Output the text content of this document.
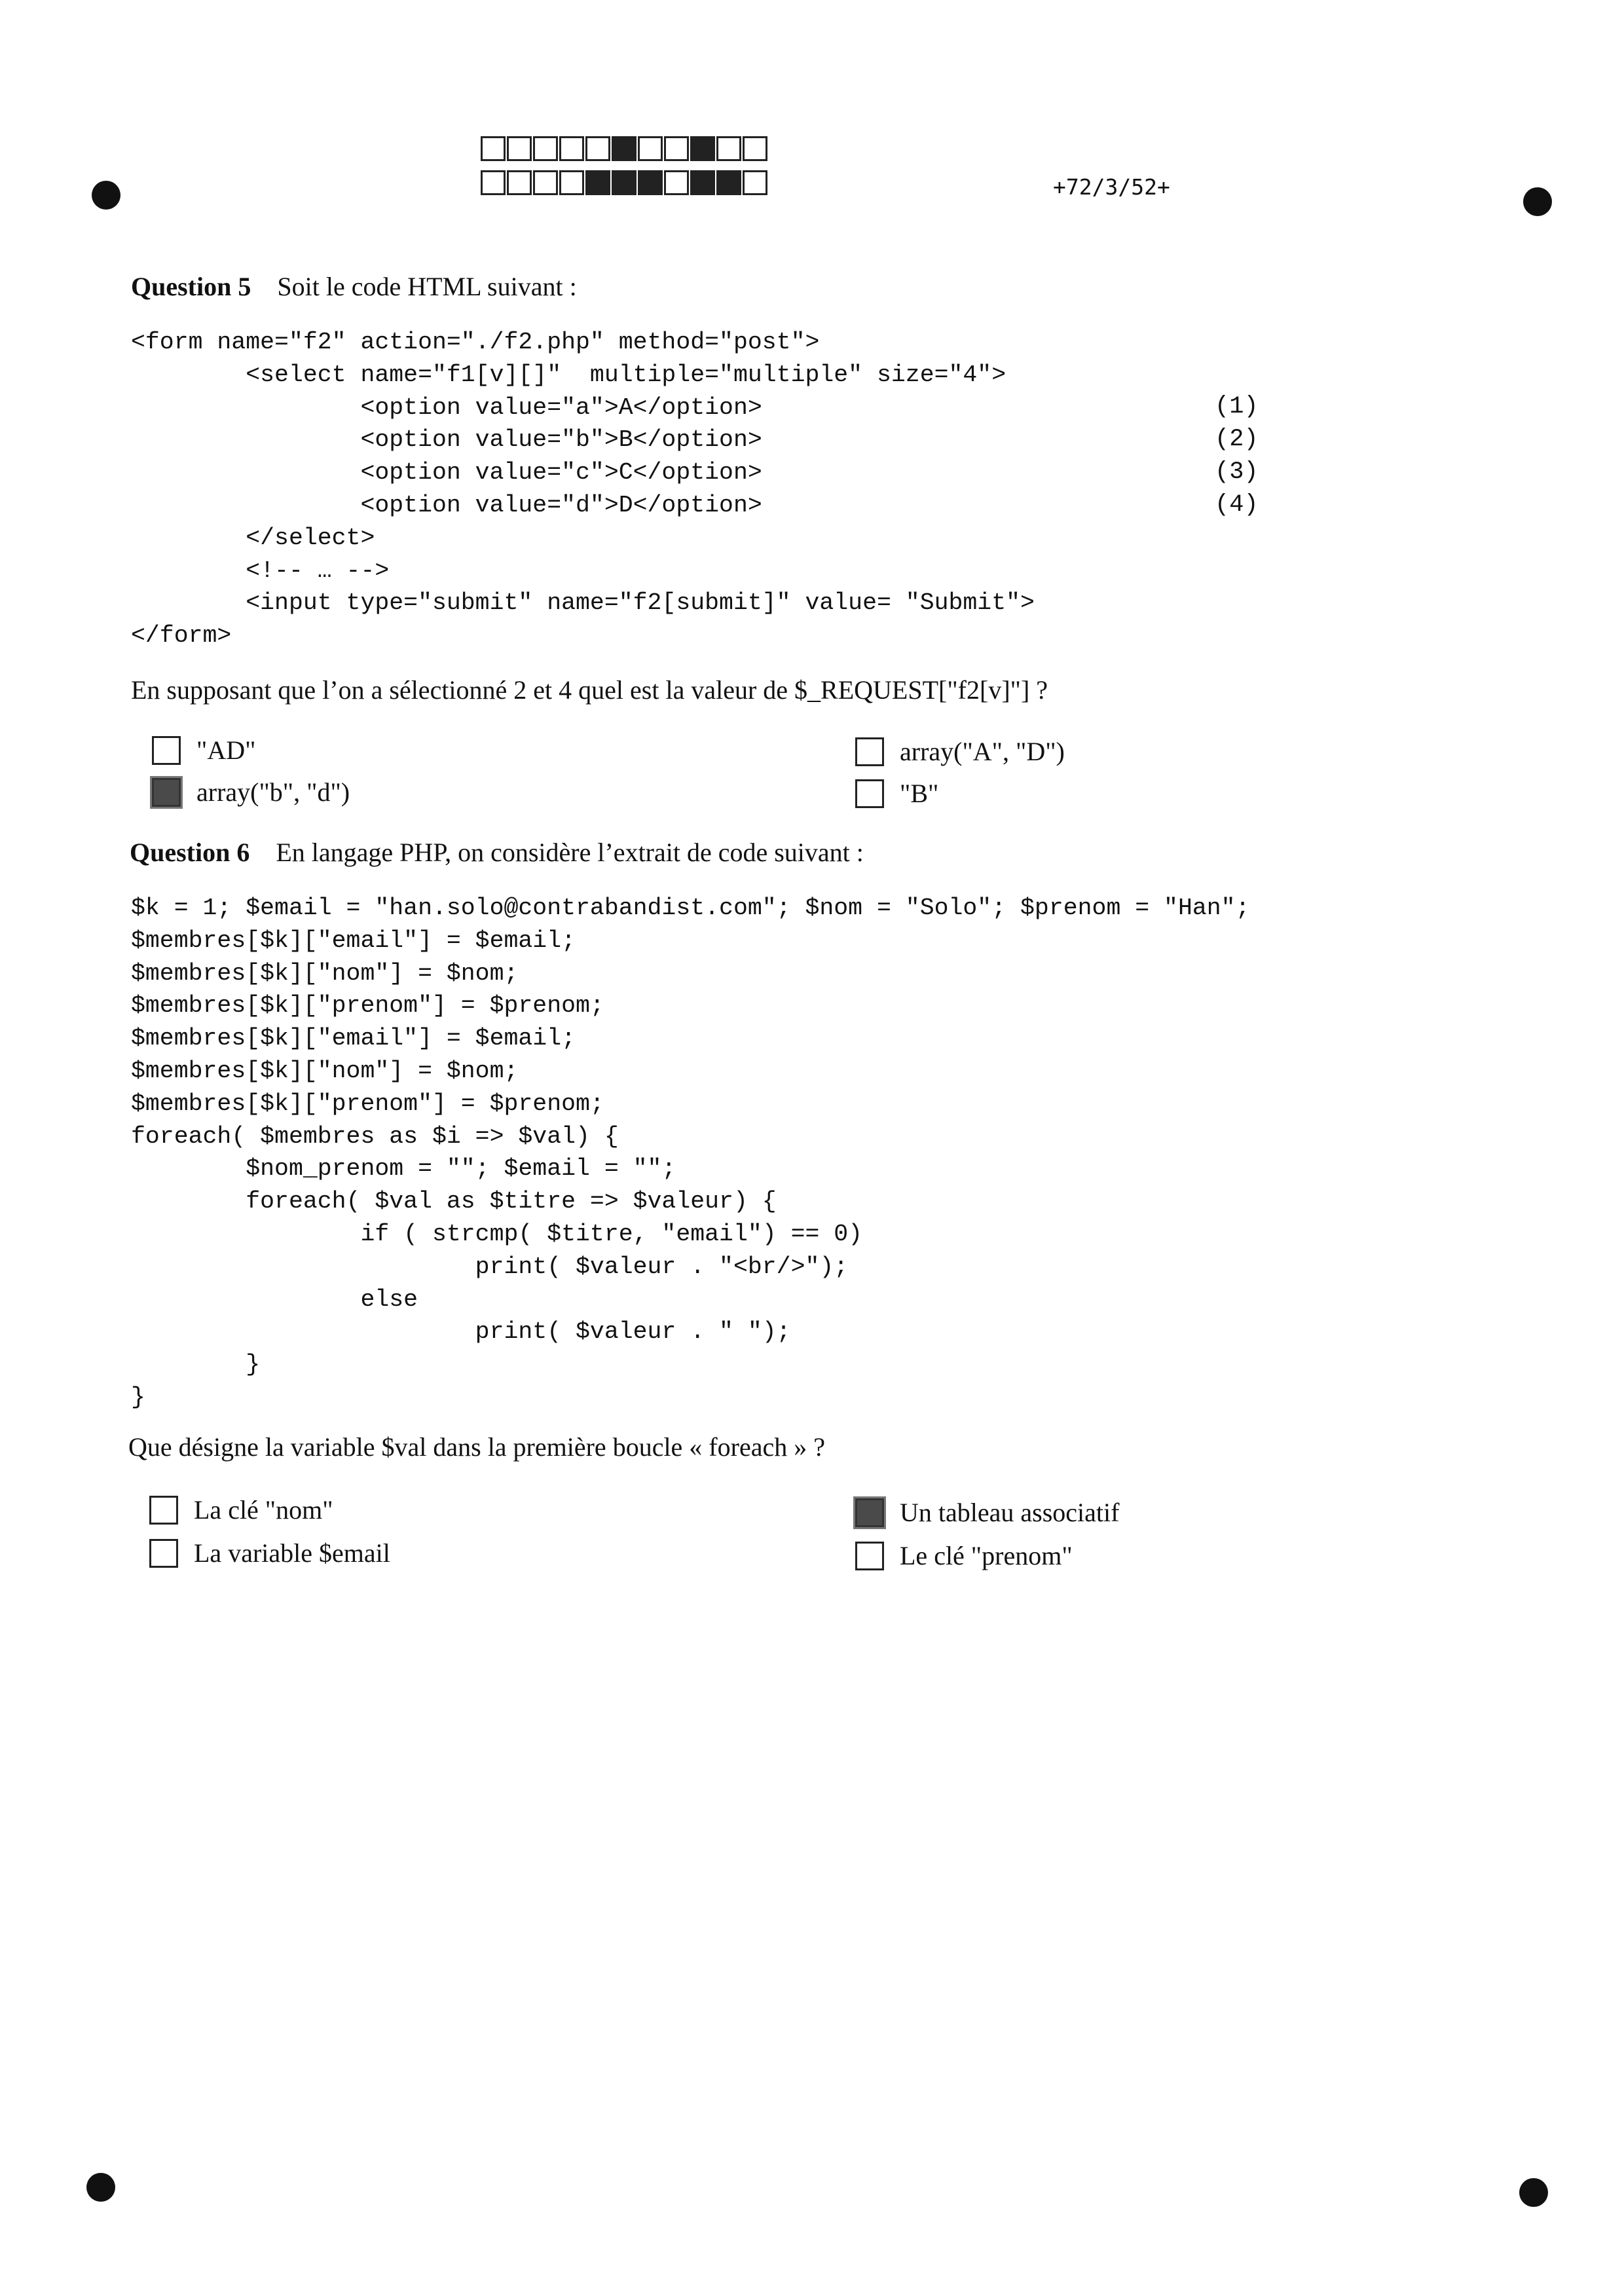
+72/3/52+
Question 5 Soit le code HTML suivant :
<form name="f2" action="./f2.php" method="post">
<select name="f1[v][]"  multiple="multiple" size="4">
<option value="a">A</option>
<option value="b">B</option>
<option value="c">C</option>
<option value="d">D</option>
</select>
<!-- … -->
<input type="submit" name="f2[submit]" value= "Submit">
</form>
(1)
(2)
(3)
(4)
En supposant que l’on a sélectionné 2 et 4 quel est la valeur de $_REQUEST["f2[v]"] ?
"AD"	array("A", "D")
array("b", "d")	"B"
Question 6 En langage PHP, on considère l’extrait de code suivant :
$k = 1; $email = "han.solo@contrabandist.com"; $nom = "Solo"; $prenom = "Han";
$membres[$k]["email"] = $email;
$membres[$k]["nom"] = $nom;
$membres[$k]["prenom"] = $prenom;
$membres[$k]["email"] = $email;
$membres[$k]["nom"] = $nom;
$membres[$k]["prenom"] = $prenom;
foreach( $membres as $i => $val) {
$nom_prenom = ""; $email = "";
foreach( $val as $titre => $valeur) {
if ( strcmp( $titre, "email") == 0)
print( $valeur . "<br/>");
else
print( $valeur . " ");
}
}
Que désigne la variable $val dans la première boucle « foreach » ?
La clé "nom"	Un tableau associatif
La variable $email	Le clé "prenom"
